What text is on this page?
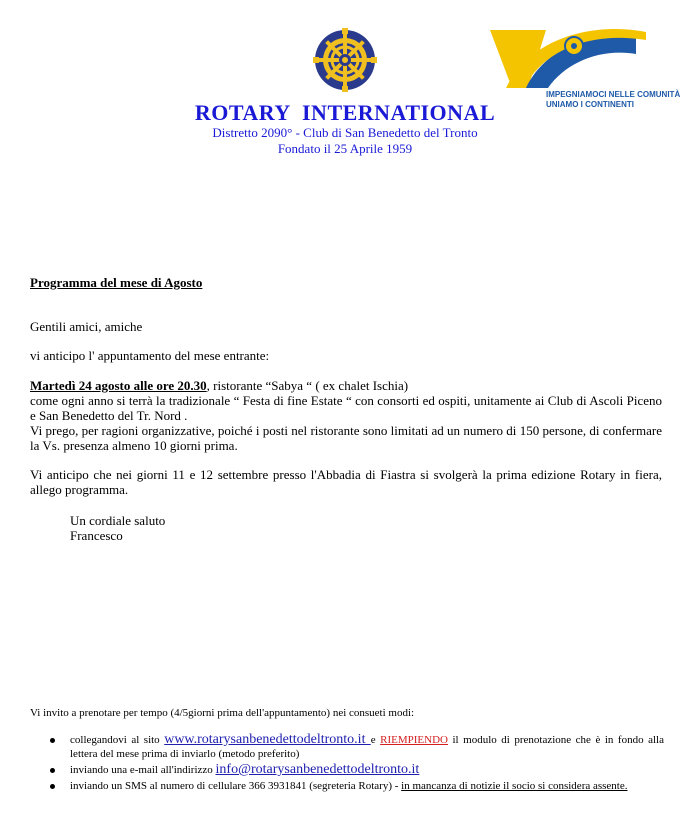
IMPEGNIAMOCI NELLE COMUNITÀ
UNIAMO I CONTINENTI
ROTARY  INTERNATIONAL
Distretto 2090° - Club di San Benedetto del Tronto
Fondato il 25 Aprile 1959
Programma del mese di Agosto
Gentili amici, amiche
vi anticipo l' appuntamento del mese entrante:
Martedì 24 agosto alle ore 20.30, ristorante “Sabya “ ( ex chalet Ischia)
come ogni anno si terrà la tradizionale “ Festa di fine Estate “ con consorti ed ospiti, unitamente ai Club di Ascoli Piceno e San Benedetto del Tr. Nord .
Vi prego, per ragioni organizzative, poiché i posti nel ristorante sono limitati ad un numero di 150 persone, di confermare la Vs. presenza almeno 10 giorni prima.
Vi anticipo che nei giorni 11 e 12 settembre presso l'Abbadia di Fiastra si svolgerà la prima edizione Rotary in fiera, allego programma.
Un cordiale saluto
Francesco
Vi invito a prenotare per tempo (4/5giorni prima dell'appuntamento) nei consueti modi:
collegandovi al sito www.rotarysanbenedettodeltronto.it e RIEMPIENDO il modulo di prenotazione che è in fondo alla lettera del mese prima di inviarlo (metodo preferito)
inviando una e-mail all'indirizzo info@rotarysanbenedettodeltronto.it
inviando un SMS al numero di cellulare 366 3931841 (segreteria Rotary) - in mancanza di notizie il socio si considera assente.
